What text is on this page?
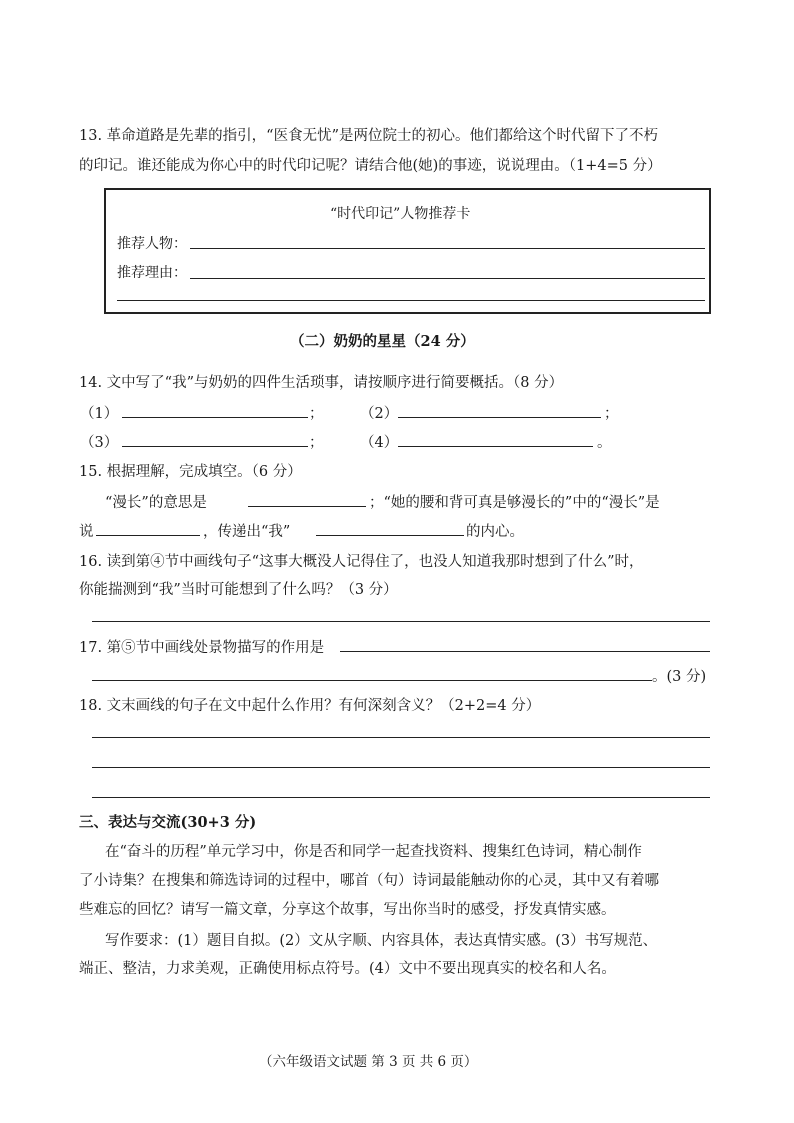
13. 革命道路是先辈的指引，“医食无忧”是两位院士的初心。他们都给这个时代留下了不朽
的印记。谁还能成为你心中的时代印记呢？请结合他(她)的事迹，说说理由。（1+4=5 分）
“时代印记”人物推荐卡
推荐人物：
推荐理由：
（二）奶奶的星星（24 分）
14. 文中写了“我”与奶奶的四件生活琐事，请按顺序进行简要概括。（8 分）
（1）	；	（2）	；
（3）	；	（4）	。
15. 根据理解，完成填空。（6 分）
“漫长”的意思是	；“她的腰和背可真是够漫长的”中的“漫长”是
说	，传递出“我”	的内心。
16. 读到第④节中画线句子“这事大概没人记得住了，也没人知道我那时想到了什么”时，
你能揣测到“我”当时可能想到了什么吗？（3 分）
17. 第⑤节中画线处景物描写的作用是
。(3 分)
18. 文末画线的句子在文中起什么作用？有何深刻含义？（2+2=4 分）
三、表达与交流(30+3 分)
在“奋斗的历程”单元学习中，你是否和同学一起查找资料、搜集红色诗词，精心制作
了小诗集？在搜集和筛选诗词的过程中，哪首（句）诗词最能触动你的心灵，其中又有着哪
些难忘的回忆？请写一篇文章，分享这个故事，写出你当时的感受，抒发真情实感。
写作要求：(1）题目自拟。(2）文从字顺、内容具体，表达真情实感。(3）书写规范、
端正、整洁，力求美观，正确使用标点符号。(4）文中不要出现真实的校名和人名。
（六年级语文试题 第 3 页 共 6 页）
